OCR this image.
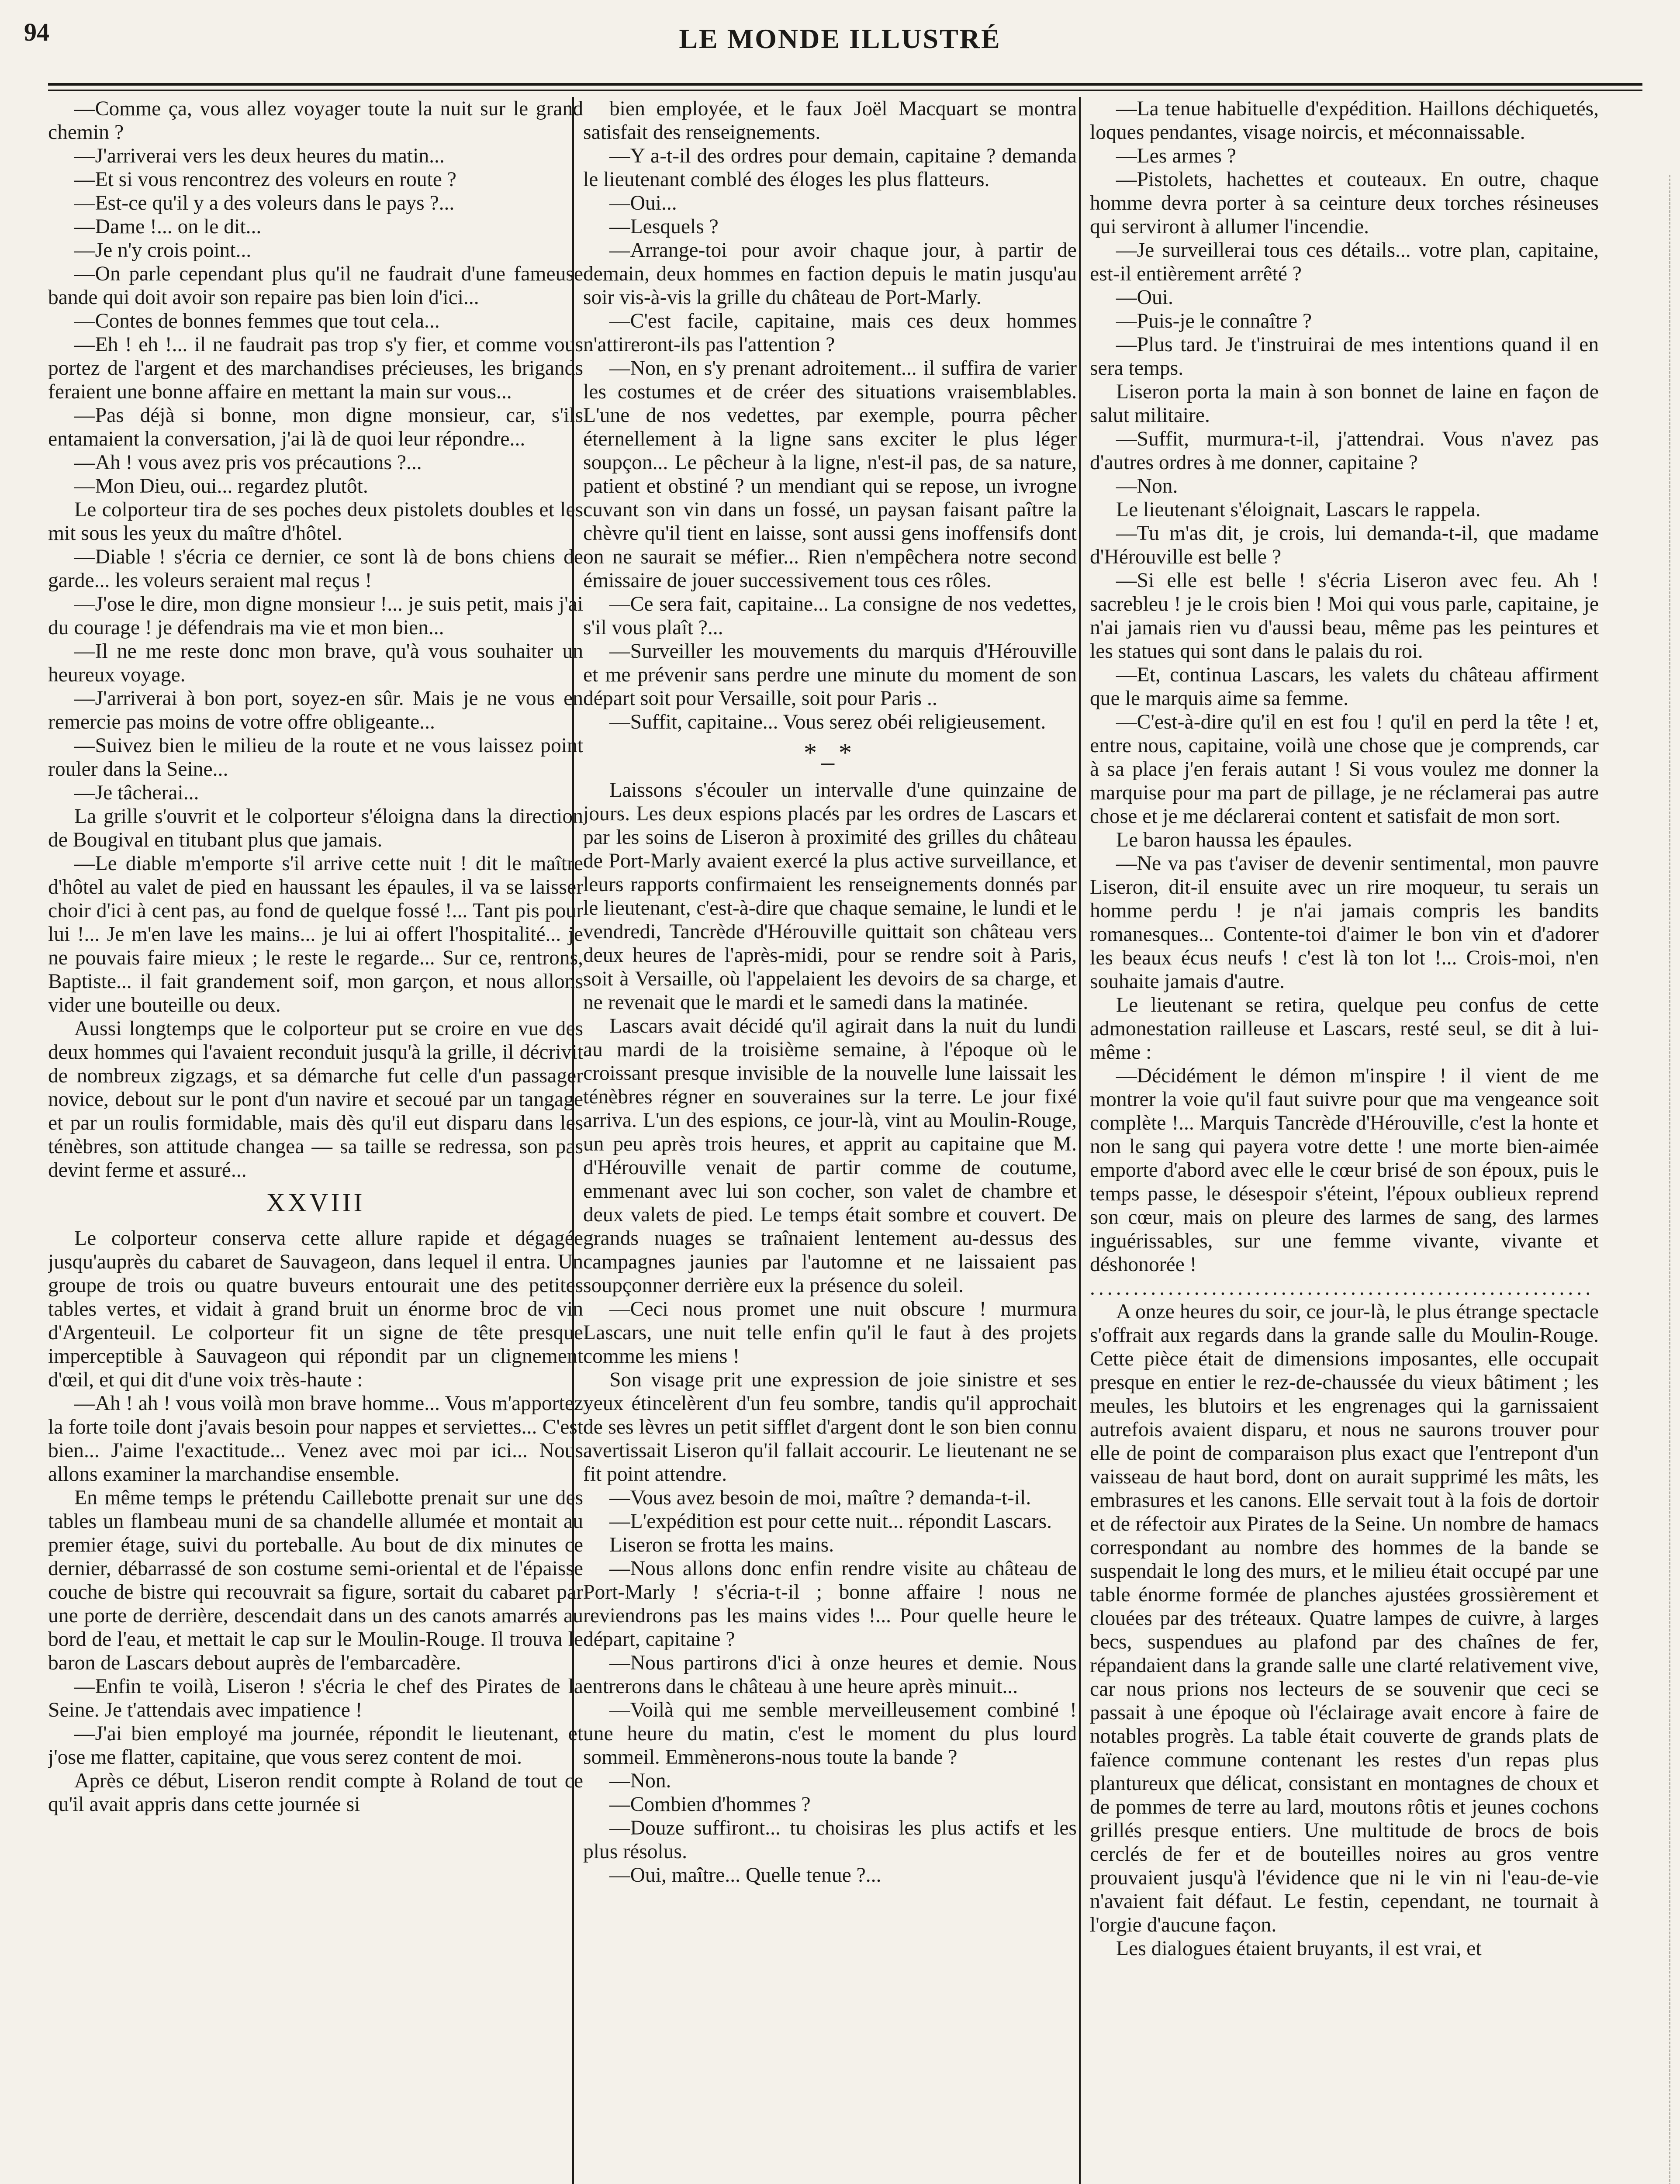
94	LE MONDE ILLUSTRÉ

—Comme ça, vous allez voyager toute la nuit sur le grand chemin ?

—J'arriverai vers les deux heures du matin...

—Et si vous rencontrez des voleurs en route ?

—Est-ce qu'il y a des voleurs dans le pays ?...

—Dame !... on le dit...

—Je n'y crois point...

—On parle cependant plus qu'il ne faudrait d'une fameuse bande qui doit avoir son repaire pas bien loin d'ici...

—Contes de bonnes femmes que tout cela...

—Eh ! eh !... il ne faudrait pas trop s'y fier, et comme vous portez de l'argent et des marchandises précieuses, les brigands feraient une bonne affaire en mettant la main sur vous...

—Pas déjà si bonne, mon digne monsieur, car, s'ils entamaient la conversation, j'ai là de quoi leur répondre...

—Ah ! vous avez pris vos précautions ?...

—Mon Dieu, oui... regardez plutôt.

Le colporteur tira de ses poches deux pistolets doubles et les mit sous les yeux du maître d'hôtel.

—Diable ! s'écria ce dernier, ce sont là de bons chiens de garde... les voleurs seraient mal reçus !

—J'ose le dire, mon digne monsieur !... je suis petit, mais j'ai du courage ! je défendrais ma vie et mon bien...

—Il ne me reste donc mon brave, qu'à vous souhaiter un heureux voyage.

—J'arriverai à bon port, soyez-en sûr. Mais je ne vous en remercie pas moins de votre offre obligeante...

—Suivez bien le milieu de la route et ne vous laissez point rouler dans la Seine...

—Je tâcherai...

La grille s'ouvrit et le colporteur s'éloigna dans la direction de Bougival en titubant plus que jamais.

—Le diable m'emporte s'il arrive cette nuit ! dit le maître d'hôtel au valet de pied en haussant les épaules, il va se laisser choir d'ici à cent pas, au fond de quelque fossé !... Tant pis pour lui !... Je m'en lave les mains... je lui ai offert l'hospitalité... je ne pouvais faire mieux ; le reste le regarde... Sur ce, rentrons, Baptiste... il fait grandement soif, mon garçon, et nous allons vider une bouteille ou deux.

Aussi longtemps que le colporteur put se croire en vue des deux hommes qui l'avaient reconduit jusqu'à la grille, il décrivit de nombreux zigzags, et sa démarche fut celle d'un passager novice, debout sur le pont d'un navire et secoué par un tangage et par un roulis formidable, mais dès qu'il eut disparu dans les ténèbres, son attitude changea — sa taille se redressa, son pas devint ferme et assuré...

XXVIII

Le colporteur conserva cette allure rapide et dégagée jusqu'auprès du cabaret de Sauvageon, dans lequel il entra. Un groupe de trois ou quatre buveurs entourait une des petites tables vertes, et vidait à grand bruit un énorme broc de vin d'Argenteuil. Le colporteur fit un signe de tête presque imperceptible à Sauvageon qui répondit par un clignement d'œil, et qui dit d'une voix très-haute :

—Ah ! ah ! vous voilà mon brave homme... Vous m'apportez la forte toile dont j'avais besoin pour nappes et serviettes... C'est bien... J'aime l'exactitude... Venez avec moi par ici... Nous allons examiner la marchandise ensemble.

En même temps le prétendu Caillebotte prenait sur une des tables un flambeau muni de sa chandelle allumée et montait au premier étage, suivi du porteballe. Au bout de dix minutes ce dernier, débarrassé de son costume semi-oriental et de l'épaisse couche de bistre qui recouvrait sa figure, sortait du cabaret par une porte de derrière, descendait dans un des canots amarrés au bord de l'eau, et mettait le cap sur le Moulin-Rouge. Il trouva le baron de Lascars debout auprès de l'embarcadère.

—Enfin te voilà, Liseron ! s'écria le chef des Pirates de la Seine. Je t'attendais avec impatience !

—J'ai bien employé ma journée, répondit le lieutenant, et j'ose me flatter, capitaine, que vous serez content de moi.

Après ce début, Liseron rendit compte à Roland de tout ce qu'il avait appris dans cette journée si

bien employée, et le faux Joël Macquart se montra satisfait des renseignements.

—Y a-t-il des ordres pour demain, capitaine ? demanda le lieutenant comblé des éloges les plus flatteurs.

—Oui...

—Lesquels ?

—Arrange-toi pour avoir chaque jour, à partir de demain, deux hommes en faction depuis le matin jusqu'au soir vis-à-vis la grille du château de Port-Marly.

—C'est facile, capitaine, mais ces deux hommes n'attireront-ils pas l'attention ?

—Non, en s'y prenant adroitement... il suffira de varier les costumes et de créer des situations vraisemblables. L'une de nos vedettes, par exemple, pourra pêcher éternellement à la ligne sans exciter le plus léger soupçon... Le pêcheur à la ligne, n'est-il pas, de sa nature, patient et obstiné ? un mendiant qui se repose, un ivrogne cuvant son vin dans un fossé, un paysan faisant paître la chèvre qu'il tient en laisse, sont aussi gens inoffensifs dont on ne saurait se méfier... Rien n'empêchera notre second émissaire de jouer successivement tous ces rôles.

—Ce sera fait, capitaine... La consigne de nos vedettes, s'il vous plaît ?...

—Surveiller les mouvements du marquis d'Hérouville et me prévenir sans perdre une minute du moment de son départ soit pour Versaille, soit pour Paris ..

—Suffit, capitaine... Vous serez obéi religieusement.

*_*

Laissons s'écouler un intervalle d'une quinzaine de jours. Les deux espions placés par les ordres de Lascars et par les soins de Liseron à proximité des grilles du château de Port-Marly avaient exercé la plus active surveillance, et leurs rapports confirmaient les renseignements donnés par le lieutenant, c'est-à-dire que chaque semaine, le lundi et le vendredi, Tancrède d'Hérouville quittait son château vers deux heures de l'après-midi, pour se rendre soit à Paris, soit à Versaille, où l'appelaient les devoirs de sa charge, et ne revenait que le mardi et le samedi dans la matinée.

Lascars avait décidé qu'il agirait dans la nuit du lundi au mardi de la troisième semaine, à l'époque où le croissant presque invisible de la nouvelle lune laissait les ténèbres régner en souveraines sur la terre. Le jour fixé arriva. L'un des espions, ce jour-là, vint au Moulin-Rouge, un peu après trois heures, et apprit au capitaine que M. d'Hérouville venait de partir comme de coutume, emmenant avec lui son cocher, son valet de chambre et deux valets de pied. Le temps était sombre et couvert. De grands nuages se traînaient lentement au-dessus des campagnes jaunies par l'automne et ne laissaient pas soupçonner derrière eux la présence du soleil.

—Ceci nous promet une nuit obscure ! murmura Lascars, une nuit telle enfin qu'il le faut à des projets comme les miens !

Son visage prit une expression de joie sinistre et ses yeux étincelèrent d'un feu sombre, tandis qu'il approchait de ses lèvres un petit sifflet d'argent dont le son bien connu avertissait Liseron qu'il fallait accourir. Le lieutenant ne se fit point attendre.

—Vous avez besoin de moi, maître ? demanda-t-il.

—L'expédition est pour cette nuit... répondit Lascars.

Liseron se frotta les mains.

—Nous allons donc enfin rendre visite au château de Port-Marly ! s'écria-t-il ; bonne affaire ! nous ne reviendrons pas les mains vides !... Pour quelle heure le départ, capitaine ?

—Nous partirons d'ici à onze heures et demie. Nous entrerons dans le château à une heure après minuit...

—Voilà qui me semble merveilleusement combiné ! une heure du matin, c'est le moment du plus lourd sommeil. Emmènerons-nous toute la bande ?

—Non.

—Combien d'hommes ?

—Douze suffiront... tu choisiras les plus actifs et les plus résolus.

—Oui, maître... Quelle tenue ?...

—La tenue habituelle d'expédition. Haillons déchiquetés, loques pendantes, visage noircis, et méconnaissable.

—Les armes ?

—Pistolets, hachettes et couteaux. En outre, chaque homme devra porter à sa ceinture deux torches résineuses qui serviront à allumer l'incendie.

—Je surveillerai tous ces détails... votre plan, capitaine, est-il entièrement arrêté ?

—Oui.

—Puis-je le connaître ?

—Plus tard. Je t'instruirai de mes intentions quand il en sera temps.

Liseron porta la main à son bonnet de laine en façon de salut militaire.

—Suffit, murmura-t-il, j'attendrai. Vous n'avez pas d'autres ordres à me donner, capitaine ?

—Non.

Le lieutenant s'éloignait, Lascars le rappela.

—Tu m'as dit, je crois, lui demanda-t-il, que madame d'Hérouville est belle ?

—Si elle est belle ! s'écria Liseron avec feu. Ah ! sacrebleu ! je le crois bien ! Moi qui vous parle, capitaine, je n'ai jamais rien vu d'aussi beau, même pas les peintures et les statues qui sont dans le palais du roi.

—Et, continua Lascars, les valets du château affirment que le marquis aime sa femme.

—C'est-à-dire qu'il en est fou ! qu'il en perd la tête ! et, entre nous, capitaine, voilà une chose que je comprends, car à sa place j'en ferais autant ! Si vous voulez me donner la marquise pour ma part de pillage, je ne réclamerai pas autre chose et je me déclarerai content et satisfait de mon sort.

Le baron haussa les épaules.

—Ne va pas t'aviser de devenir sentimental, mon pauvre Liseron, dit-il ensuite avec un rire moqueur, tu serais un homme perdu ! je n'ai jamais compris les bandits romanesques... Contente-toi d'aimer le bon vin et d'adorer les beaux écus neufs ! c'est là ton lot !... Crois-moi, n'en souhaite jamais d'autre.

Le lieutenant se retira, quelque peu confus de cette admonestation railleuse et Lascars, resté seul, se dit à lui-même :

—Décidément le démon m'inspire ! il vient de me montrer la voie qu'il faut suivre pour que ma vengeance soit complète !... Marquis Tancrède d'Hérouville, c'est la honte et non le sang qui payera votre dette ! une morte bien-aimée emporte d'abord avec elle le cœur brisé de son époux, puis le temps passe, le désespoir s'éteint, l'époux oublieux reprend son cœur, mais on pleure des larmes de sang, des larmes inguérissables, sur une femme vivante, vivante et déshonorée !

..........................................................

A onze heures du soir, ce jour-là, le plus étrange spectacle s'offrait aux regards dans la grande salle du Moulin-Rouge. Cette pièce était de dimensions imposantes, elle occupait presque en entier le rez-de-chaussée du vieux bâtiment ; les meules, les blutoirs et les engrenages qui la garnissaient autrefois avaient disparu, et nous ne saurons trouver pour elle de point de comparaison plus exact que l'entrepont d'un vaisseau de haut bord, dont on aurait supprimé les mâts, les embrasures et les canons. Elle servait tout à la fois de dortoir et de réfectoir aux Pirates de la Seine. Un nombre de hamacs correspondant au nombre des hommes de la bande se suspendait le long des murs, et le milieu était occupé par une table énorme formée de planches ajustées grossièrement et clouées par des tréteaux. Quatre lampes de cuivre, à larges becs, suspendues au plafond par des chaînes de fer, répandaient dans la grande salle une clarté relativement vive, car nous prions nos lecteurs de se souvenir que ceci se passait à une époque où l'éclairage avait encore à faire de notables progrès. La table était couverte de grands plats de faïence commune contenant les restes d'un repas plus plantureux que délicat, consistant en montagnes de choux et de pommes de terre au lard, moutons rôtis et jeunes cochons grillés presque entiers. Une multitude de brocs de bois cerclés de fer et de bouteilles noires au gros ventre prouvaient jusqu'à l'évidence que ni le vin ni l'eau-de-vie n'avaient fait défaut. Le festin, cependant, ne tournait à l'orgie d'aucune façon.

Les dialogues étaient bruyants, il est vrai, et
